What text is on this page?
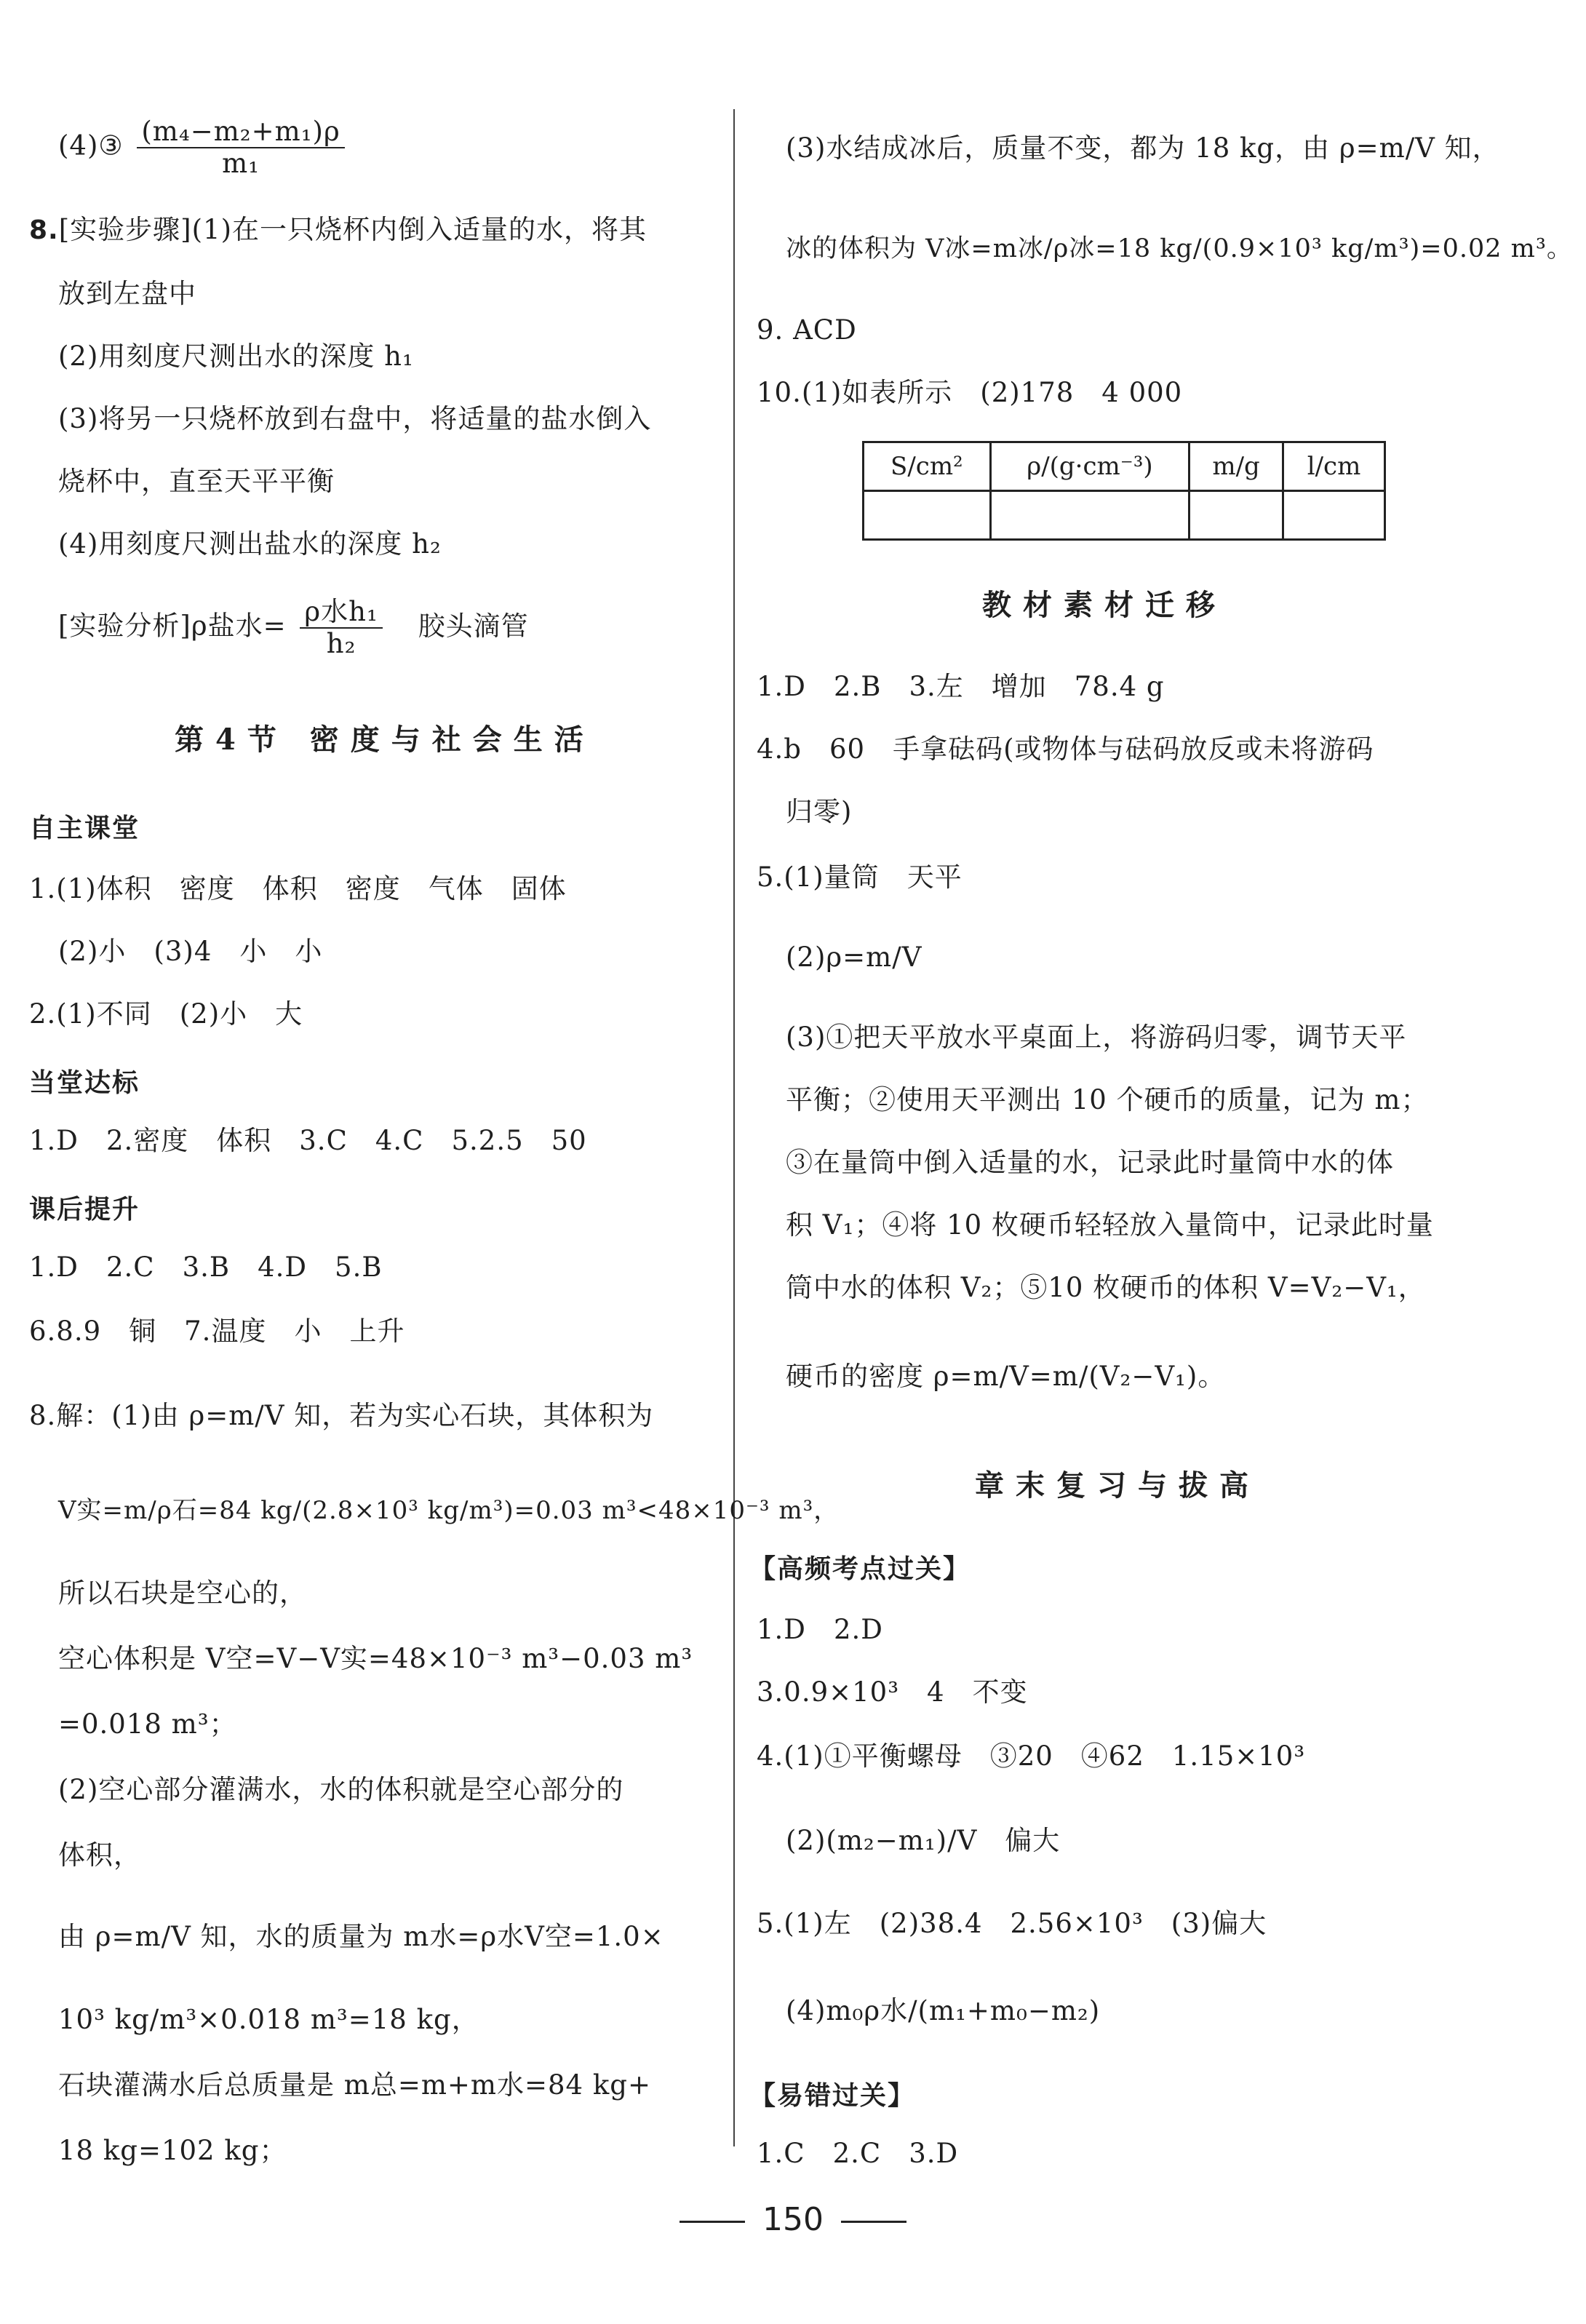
(4)③ $\frac{\text{(m₄−m₂+m₁)ρ}}{\text{m₁}}$
8.[实验步骤](1)在一只烧杯内倒入适量的水，将其
放到左盘中
(2)用刻度尺测出水的深度 h₁
(3)将另一只烧杯放到右盘中，将适量的盐水倒入
烧杯中，直至天平平衡
(4)用刻度尺测出盐水的深度 h₂
[实验分析]ρ盐水= $\frac{\text{ρ水h₁}}{\text{h₂}}$ 胶头滴管
第4节 密度与社会生活
自主课堂
1.(1)体积　密度　体积　密度　气体　固体
(2)小　(3)4　小　小
2.(1)不同　(2)小　大
当堂达标
1.D　2.密度　体积　3.C　4.C　5.2.5　50
课后提升
1.D　2.C　3.B　4.D　5.B
6.8.9　铜　7.温度　小　上升
8.解：(1)由 ρ=m/V 知，若为实心石块，其体积为
V实=m/ρ石=84 kg/(2.8×10³ kg/m³)=0.03 m³<48×10⁻³ m³，
所以石块是空心的，
空心体积是 V空=V−V实=48×10⁻³ m³−0.03 m³
=0.018 m³；
(2)空心部分灌满水，水的体积就是空心部分的
体积，
由 ρ=m/V 知，水的质量为 m水=ρ水V空=1.0×
10³ kg/m³×0.018 m³=18 kg，
石块灌满水后总质量是 m总=m+m水=84 kg+
18 kg=102 kg；
(3)水结成冰后，质量不变，都为 18 kg，由 ρ=m/V 知，
冰的体积为 V冰=m冰/ρ冰=18 kg/(0.9×10³ kg/m³)=0.02 m³。
9. ACD
10.(1)如表所示　(2)178　4 000
S/cm²	ρ/(g·cm⁻³)	m/g	l/cm

教材素材迁移
1.D　2.B　3.左　增加　78.4 g
4.b　60　手拿砝码(或物体与砝码放反或未将游码
归零)
5.(1)量筒　天平
(2)ρ=m/V
(3)①把天平放水平桌面上，将游码归零，调节天平
平衡；②使用天平测出 10 个硬币的质量，记为 m；
③在量筒中倒入适量的水，记录此时量筒中水的体
积 V₁；④将 10 枚硬币轻轻放入量筒中，记录此时量
筒中水的体积 V₂；⑤10 枚硬币的体积 V=V₂−V₁，
硬币的密度 ρ=m/V=m/(V₂−V₁)。
章末复习与拔高
【高频考点过关】
1.D　2.D
3.0.9×10³　4　不变
4.(1)①平衡螺母　③20　④62　1.15×10³
(2)(m₂−m₁)/V　偏大
5.(1)左　(2)38.4　2.56×10³　(3)偏大
(4)m₀ρ水/(m₁+m₀−m₂)
【易错过关】
1.C　2.C　3.D
150
